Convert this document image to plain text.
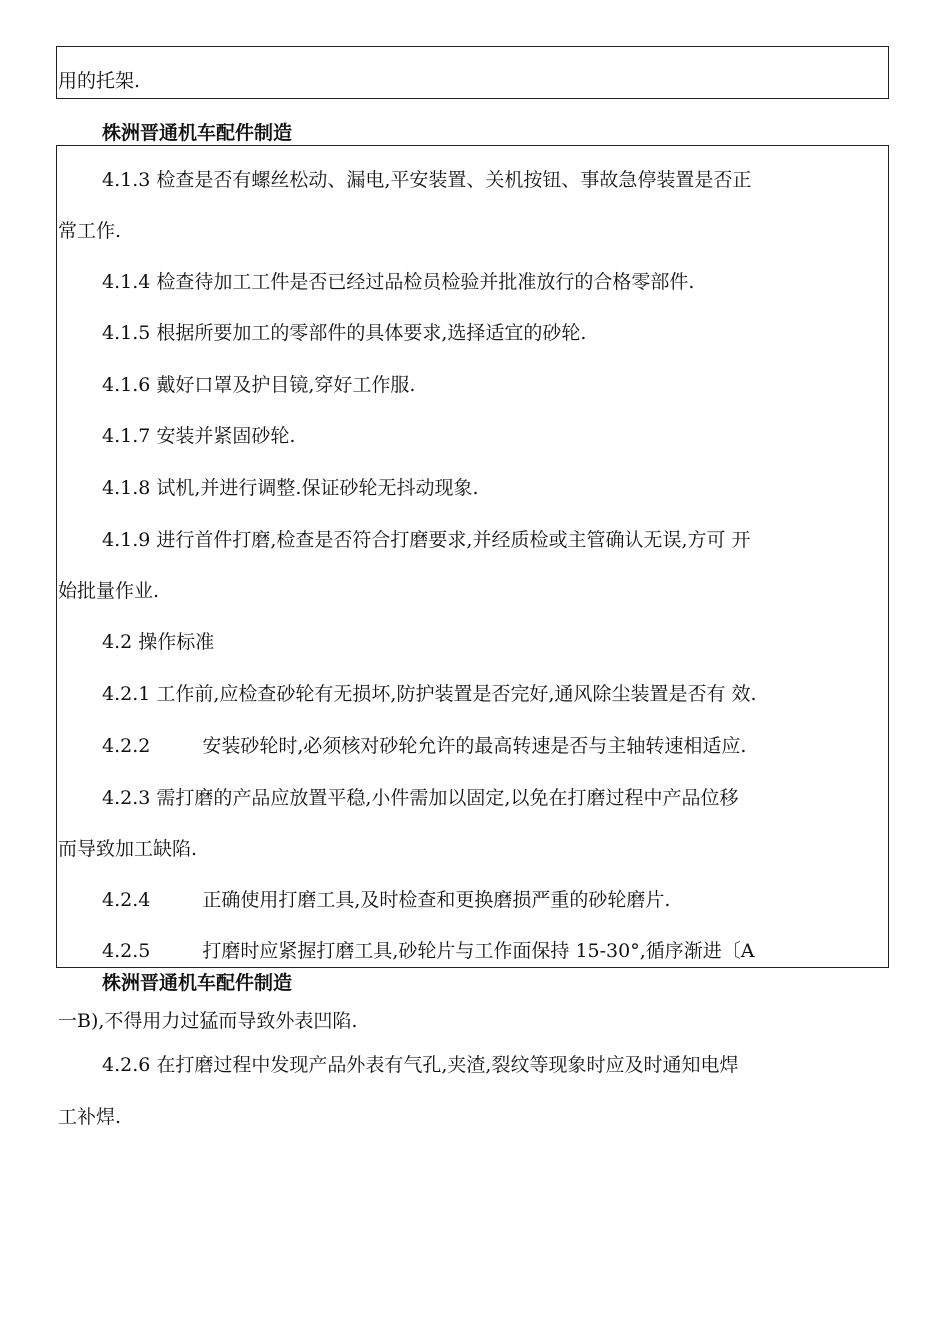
用的托架.
株洲晋通机车配件制造
4.1.3 检查是否有螺丝松动、漏电,平安装置、关机按钮、事故急停装置是否正
常工作.
4.1.4 检查待加工工件是否已经过品检员检验并批准放行的合格零部件.
4.1.5 根据所要加工的零部件的具体要求,选择适宜的砂轮.
4.1.6 戴好口罩及护目镜,穿好工作服.
4.1.7 安装并紧固砂轮.
4.1.8 试机,并进行调整.保证砂轮无抖动现象.
4.1.9 进行首件打磨,检查是否符合打磨要求,并经质检或主管确认无误,方可 开
始批量作业.
4.2 操作标准
4.2.1 工作前,应检查砂轮有无损坏,防护装置是否完好,通风除尘装置是否有 效.
4.2.2	安装砂轮时,必须核对砂轮允许的最高转速是否与主轴转速相适应.
4.2.3 需打磨的产品应放置平稳,小件需加以固定,以免在打磨过程中产品位移
而导致加工缺陷.
4.2.4	正确使用打磨工具,及时检查和更换磨损严重的砂轮磨片.
4.2.5	打磨时应紧握打磨工具,砂轮片与工作面保持 15-30°,循序渐进〔A
株洲晋通机车配件制造
一B),不得用力过猛而导致外表凹陷.
4.2.6 在打磨过程中发现产品外表有气孔,夹渣,裂纹等现象时应及时通知电焊
工补焊.
